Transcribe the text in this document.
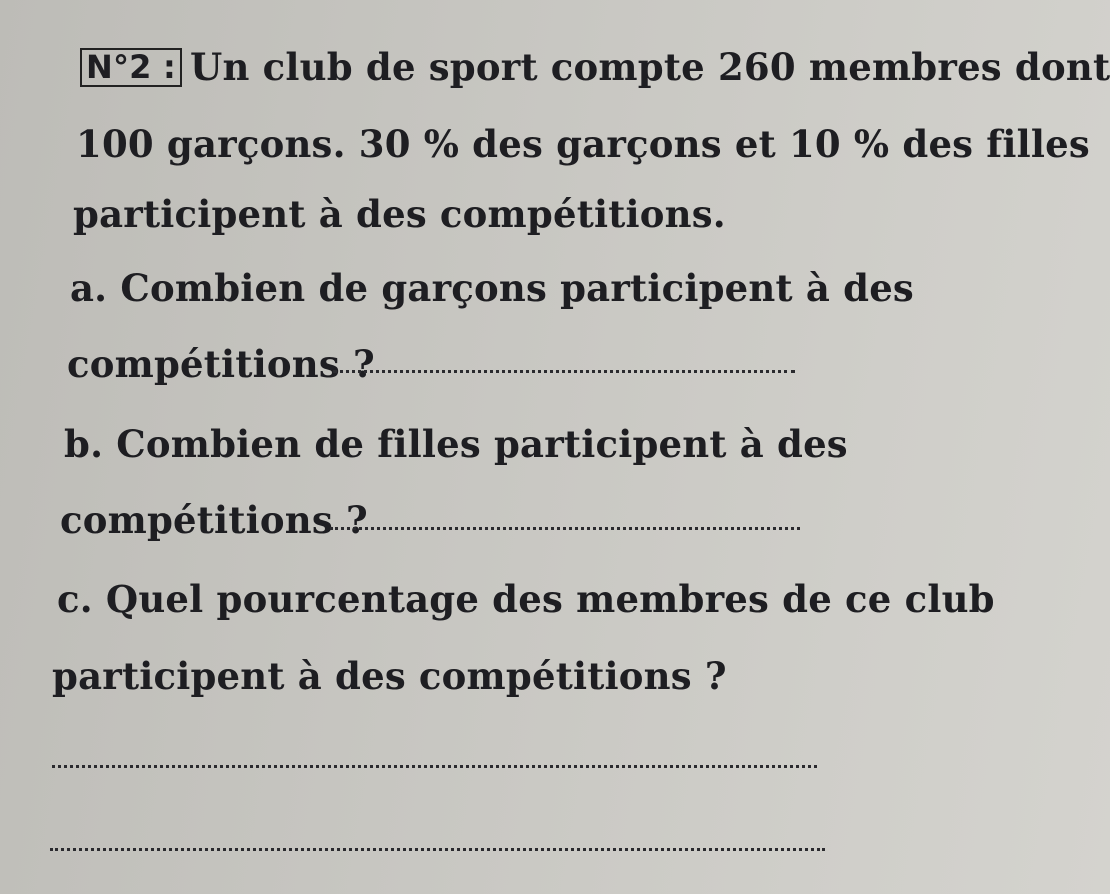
N°2 : Un club de sport compte 260 membres dont
100 garçons. 30 % des garçons et 10 % des filles
participent à des compétitions.
a. Combien de garçons participent à des
compétitions ?
b. Combien de filles participent à des
compétitions ?
c. Quel pourcentage des membres de ce club
participent à des compétitions ?
